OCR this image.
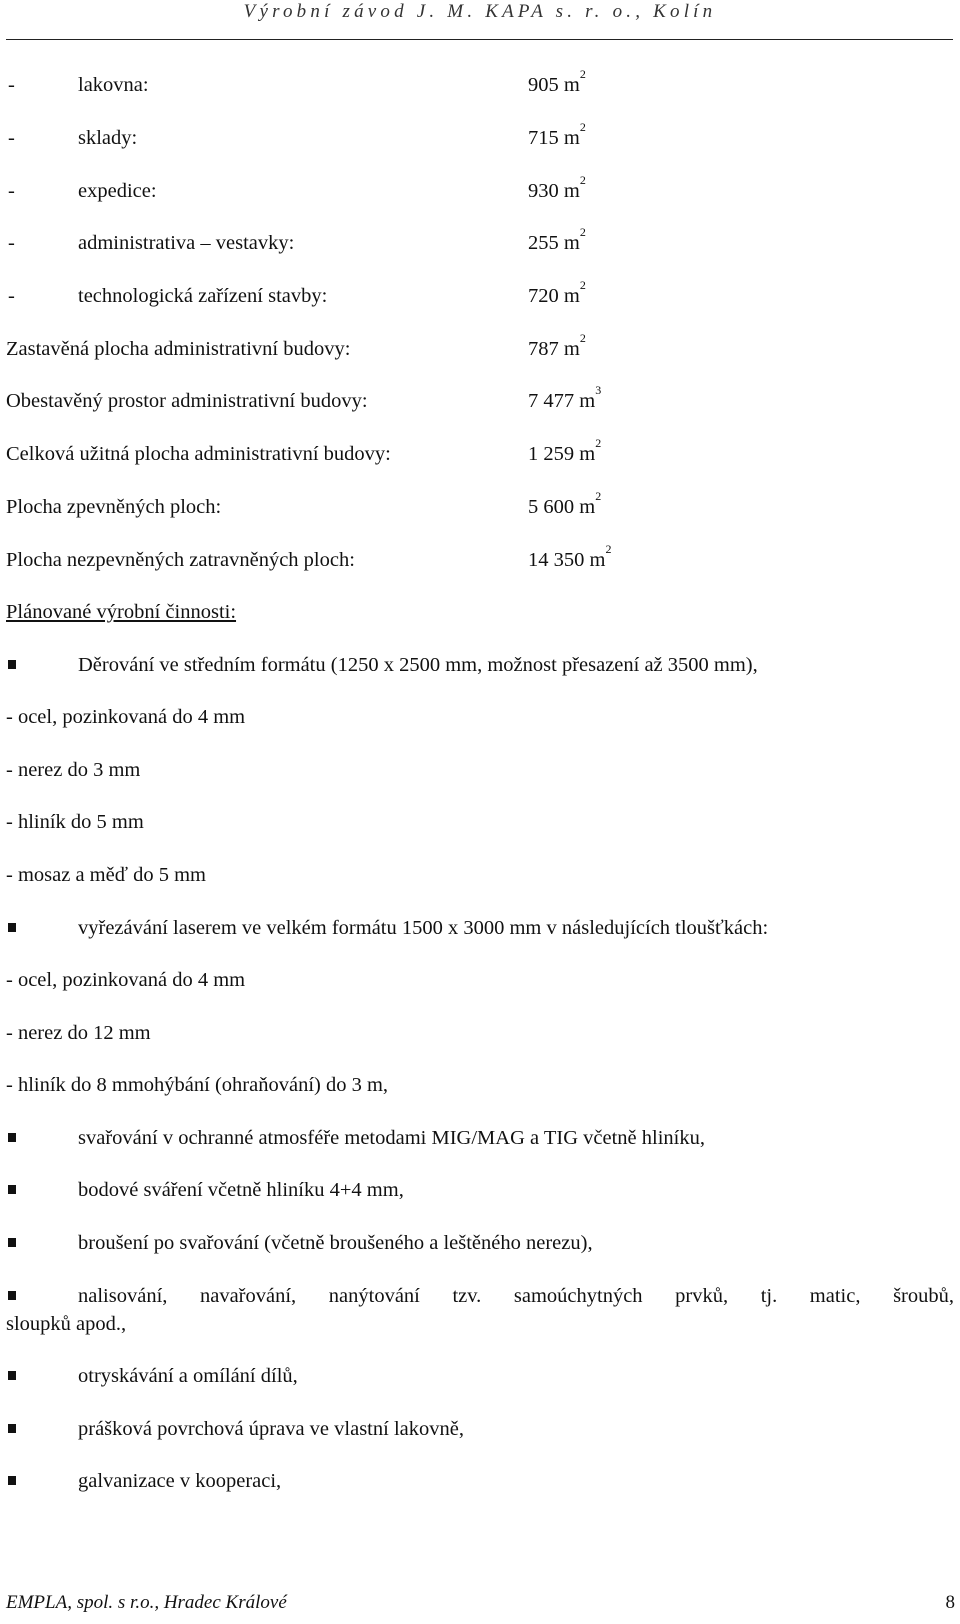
Výrobní závod J. M. KAPA s. r. o., Kolín
-	lakovna:	905 $m^2$
-	sklady:	715 $m^2$
-	expedice:	930 $m^2$
-	administrativa – vestavky:	255 $m^2$
-	technologická zařízení stavby:	720 $m^2$
Zastavěná plocha administrativní budovy:	787 $m^2$
Obestavěný prostor administrativní budovy:	7 477 $m^3$
Celková užitná plocha administrativní budovy:	1 259 $m^2$
Plocha zpevněných ploch:	5 600 $m^2$
Plocha nezpevněných zatravněných ploch:	14 350 $m^2$
Plánované výrobní činnosti:
Děrování ve středním formátu (1250 x 2500 mm, možnost přesazení až 3500 mm),
- ocel, pozinkovaná do 4 mm
- nerez do 3 mm
- hliník do 5 mm
- mosaz a měď do 5 mm
vyřezávání laserem ve velkém formátu 1500 x 3000 mm v následujících tloušťkách:
- ocel, pozinkovaná do 4 mm
- nerez do 12 mm
- hliník do 8 mmohýbání (ohraňování) do 3 m,
svařování v ochranné atmosféře metodami MIG/MAG a TIG včetně hliníku,
bodové sváření včetně hliníku 4+4 mm,
broušení po svařování (včetně broušeného a leštěného nerezu),
nalisování, navařování, nanýtování tzv. samoúchytných prvků, tj. matic, šroubů,
sloupků apod.,
otryskávání a omílání dílů,
prášková povrchová úprava ve vlastní lakovně,
galvanizace v kooperaci,
EMPLA, spol. s r.o., Hradec Králové	8
